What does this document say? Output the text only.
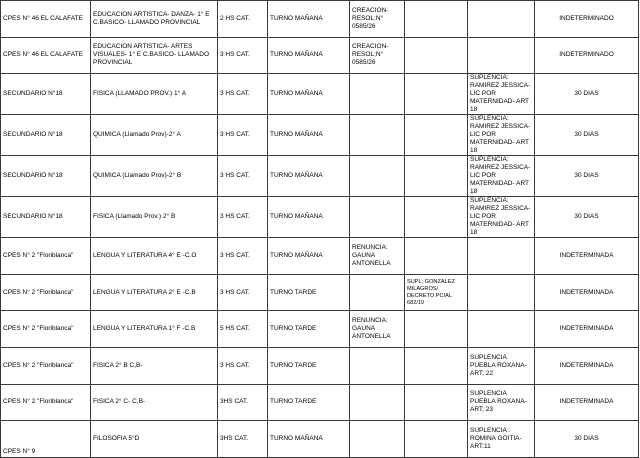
CPES N° 46 EL CALAFATE	EDUCACION ARTISTICA- DANZA- 1° E C.BASICO- LLAMADO PROVINCIAL	2 HS CAT.	TURNO MAÑANA	CREACION- RESOL;N° 0585/26			INDETERMINADO
CPES N° 46 EL CALAFATE	EDUCACION ARTISTICA- ARTES VISUALES- 1° E C.BASICO- LLAMADO PROVINCIAL	3 HS CAT.	TURNO MAÑANA	CREACION- RESOL;N° 0585/26			INDETERMINADO
SECUNDARIO N°18	FISICA (LLAMADO PROV.) 1° A	3 HS CAT.	TURNO MAÑANA			SUPLENCIA: RAMIREZ JESSICA- LIC POR MATERNIDAD- ART 18	30 DIAS
SECUNDARIO N°18	QUIMICA (Llamado Prov)-2° A	3 HS CAT.	TURNO MAÑANA			SUPLENCIA: RAMIREZ JESSICA- LIC POR MATERNIDAD- ART 18	30 DIAS
SECUNDARIO N°18	QUIMICA (Llamado Prov)-2° B	3 HS CAT.	TURNO MAÑANA			SUPLENCIA: RAMIREZ JESSICA- LIC POR MATERNIDAD- ART 18	30 DIAS
SECUNDARIO N°18	FISICA (Llamado Prov.) 2° B	3 HS CAT.	TURNO MAÑANA			SUPLENCIA: RAMIREZ JESSICA- LIC POR MATERNIDAD- ART 18	30 DIAS
CPES N° 2 "Floriblanca"	LENGUA Y LITERATURA 4° E -C.O	3 HS CAT.	TURNO MAÑANA	RENUNCIA: GAUNA ANTONELLA			INDETERMINADA
CPES N° 2 "Floriblanca"	LENGUA Y LITERATURA 2° E -C.B	3 HS CAT.	TURNO TARDE		SUPL; GONZALEZ MILAGROS/ DECRETO PCIAL 682/10		INDETERMINADA
CPES N° 2 "Floriblanca"	LENGUA Y LITERATURA 1° F -C.B	5 HS CAT.	TURNO TARDE	RENUNCIA: GAUNA ANTONELLA			INDETERMINADA
CPES N° 2 "Floriblanca"	FISICA 2° B C,B-	3 HS CAT.	TURNO TARDE			SUPLENCIA PUEBLA ROXANA- ART; 22	INDETERMINADA
CPES N° 2 "Floriblanca"	FISICA 2° C- C,B-	3HS CAT.	TURNO TARDE			SUPLENCIA PUEBLA ROXANA- ART; 23	INDETERMINADA
CPES N° 9	FILOSOFIA 5°D	3HS CAT.	TURNO MAÑANA			SUPLENCIA : ROMINA GOITIA- ART:11	30 DIAS
